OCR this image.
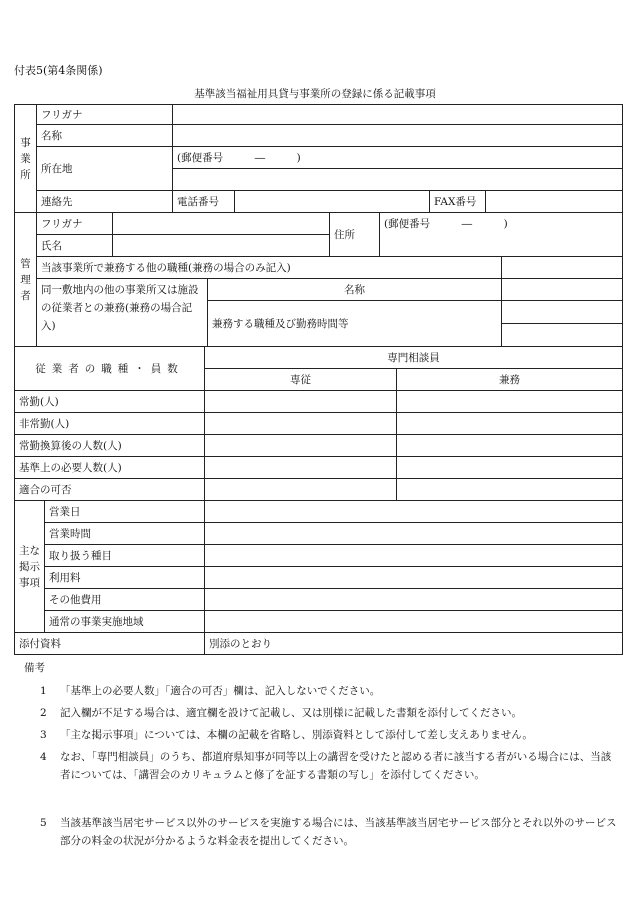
付表5(第4条関係)
基準該当福祉用具貸与事業所の登録に係る記載事項
事
業
所	フリガナ				
	名称				
	所在地	(郵便番号　　　―　　　)			

	連絡先	電話番号		FAX番号	
管
理
者	フリガナ			住所	(郵便番号　　　―　　　)	
	氏名					
	当該事業所で兼務する他の職種(兼務の場合のみ記入)					
	同一敷地内の他の事業所又は施設の従業者との兼務(兼務の場合記入)		名称			
			兼務する職種及び勤務時間等			

従業者の職種・員数		専門相談員	
		専従	兼務
常勤(人)			
非常勤(人)			
常勤換算後の人数(人)			
基準上の必要人数(人)			
適合の可否			

主な
掲示
事項	営業日		
	営業時間		
	取り扱う種目		
	利用料		
	その他費用		
	通常の事業実施地域		
添付資料		別添のとおり	
備考
1 「基準上の必要人数」「適合の可否」欄は、記入しないでください。
2 記入欄が不足する場合は、適宜欄を設けて記載し、又は別様に記載した書類を添付してください。
3 「主な掲示事項」については、本欄の記載を省略し、別添資料として添付して差し支えありません。
4 なお、「専門相談員」のうち、都道府県知事が同等以上の講習を受けたと認める者に該当する者がいる場合には、当該者については、「講習会のカリキュラムと修了を証する書類の写し」を添付してください。
5 当該基準該当居宅サービス以外のサービスを実施する場合には、当該基準該当居宅サービス部分とそれ以外のサービス部分の料金の状況が分かるような料金表を提出してください。
